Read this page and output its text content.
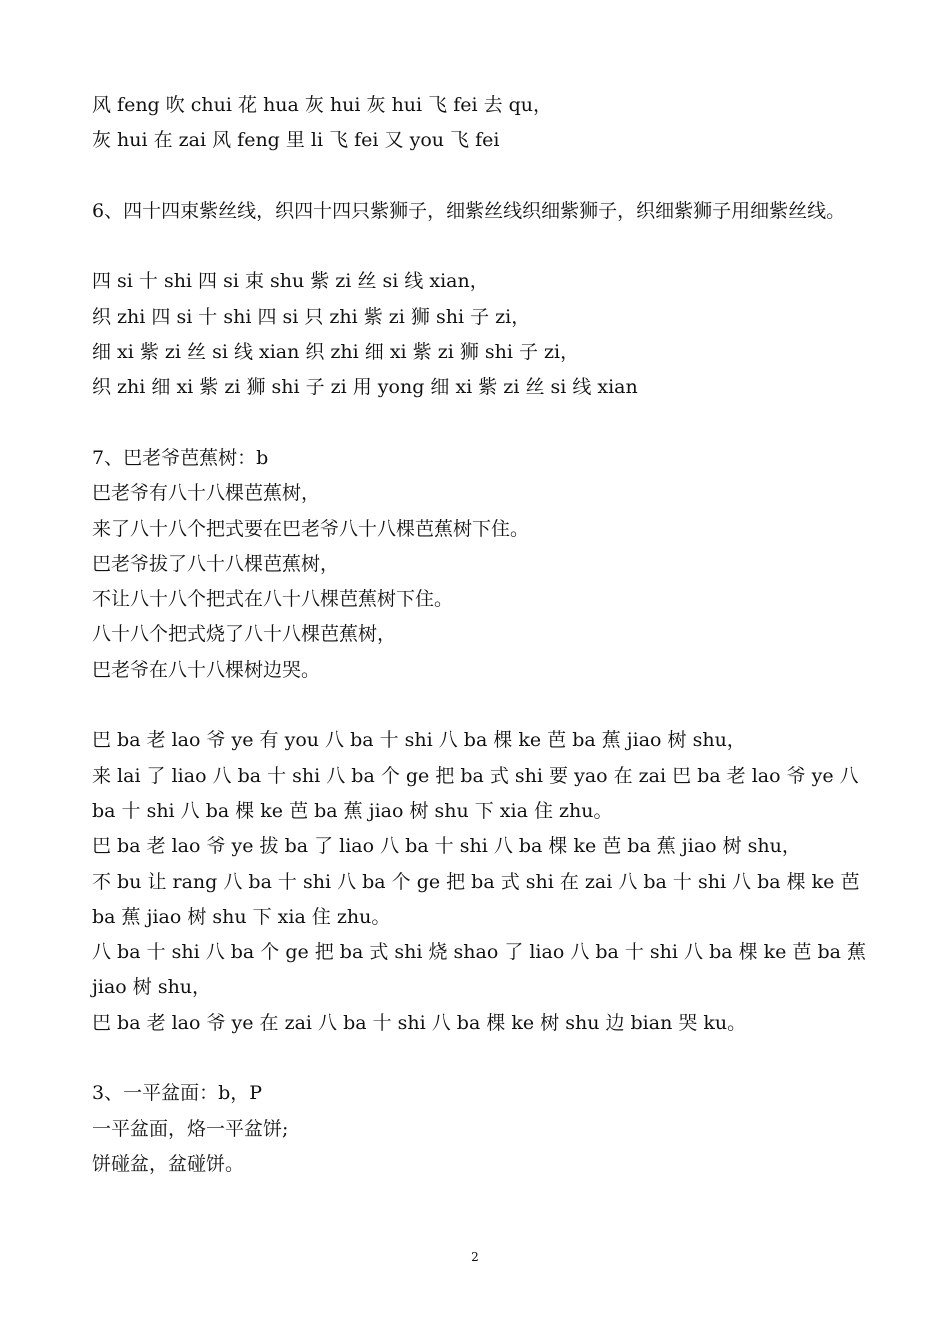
风 feng 吹 chui 花 hua 灰 hui 灰 hui 飞 fei 去 qu，
灰 hui 在 zai 风 feng 里 li 飞 fei 又 you 飞 fei
6、四十四束紫丝线，织四十四只紫狮子，细紫丝线织细紫狮子，织细紫狮子用细紫丝线。
四 si 十 shi 四 si 束 shu 紫 zi 丝 si 线 xian，
织 zhi 四 si 十 shi 四 si 只 zhi 紫 zi 狮 shi 子 zi，
细 xi 紫 zi 丝 si 线 xian 织 zhi 细 xi 紫 zi 狮 shi 子 zi，
织 zhi 细 xi 紫 zi 狮 shi 子 zi 用 yong 细 xi 紫 zi 丝 si 线 xian
7、巴老爷芭蕉树：b
巴老爷有八十八棵芭蕉树，
来了八十八个把式要在巴老爷八十八棵芭蕉树下住。
巴老爷拔了八十八棵芭蕉树，
不让八十八个把式在八十八棵芭蕉树下住。
八十八个把式烧了八十八棵芭蕉树，
巴老爷在八十八棵树边哭。
巴 ba 老 lao 爷 ye 有 you 八 ba 十 shi 八 ba 棵 ke 芭 ba 蕉 jiao 树 shu，
来 lai 了 liao 八 ba 十 shi 八 ba 个 ge 把 ba 式 shi 要 yao 在 zai 巴 ba 老 lao 爷 ye 八 ba 十 shi 八 ba 棵 ke 芭 ba 蕉 jiao 树 shu 下 xia 住 zhu。
巴 ba 老 lao 爷 ye 拔 ba 了 liao 八 ba 十 shi 八 ba 棵 ke 芭 ba 蕉 jiao 树 shu，
不 bu 让 rang 八 ba 十 shi 八 ba 个 ge 把 ba 式 shi 在 zai 八 ba 十 shi 八 ba 棵 ke 芭 ba 蕉 jiao 树 shu 下 xia 住 zhu。
八 ba 十 shi 八 ba 个 ge 把 ba 式 shi 烧 shao 了 liao 八 ba 十 shi 八 ba 棵 ke 芭 ba 蕉 jiao 树 shu，
巴 ba 老 lao 爷 ye 在 zai 八 ba 十 shi 八 ba 棵 ke 树 shu 边 bian 哭 ku。
3、一平盆面：b，P
一平盆面，烙一平盆饼;
饼碰盆，盆碰饼。
2
